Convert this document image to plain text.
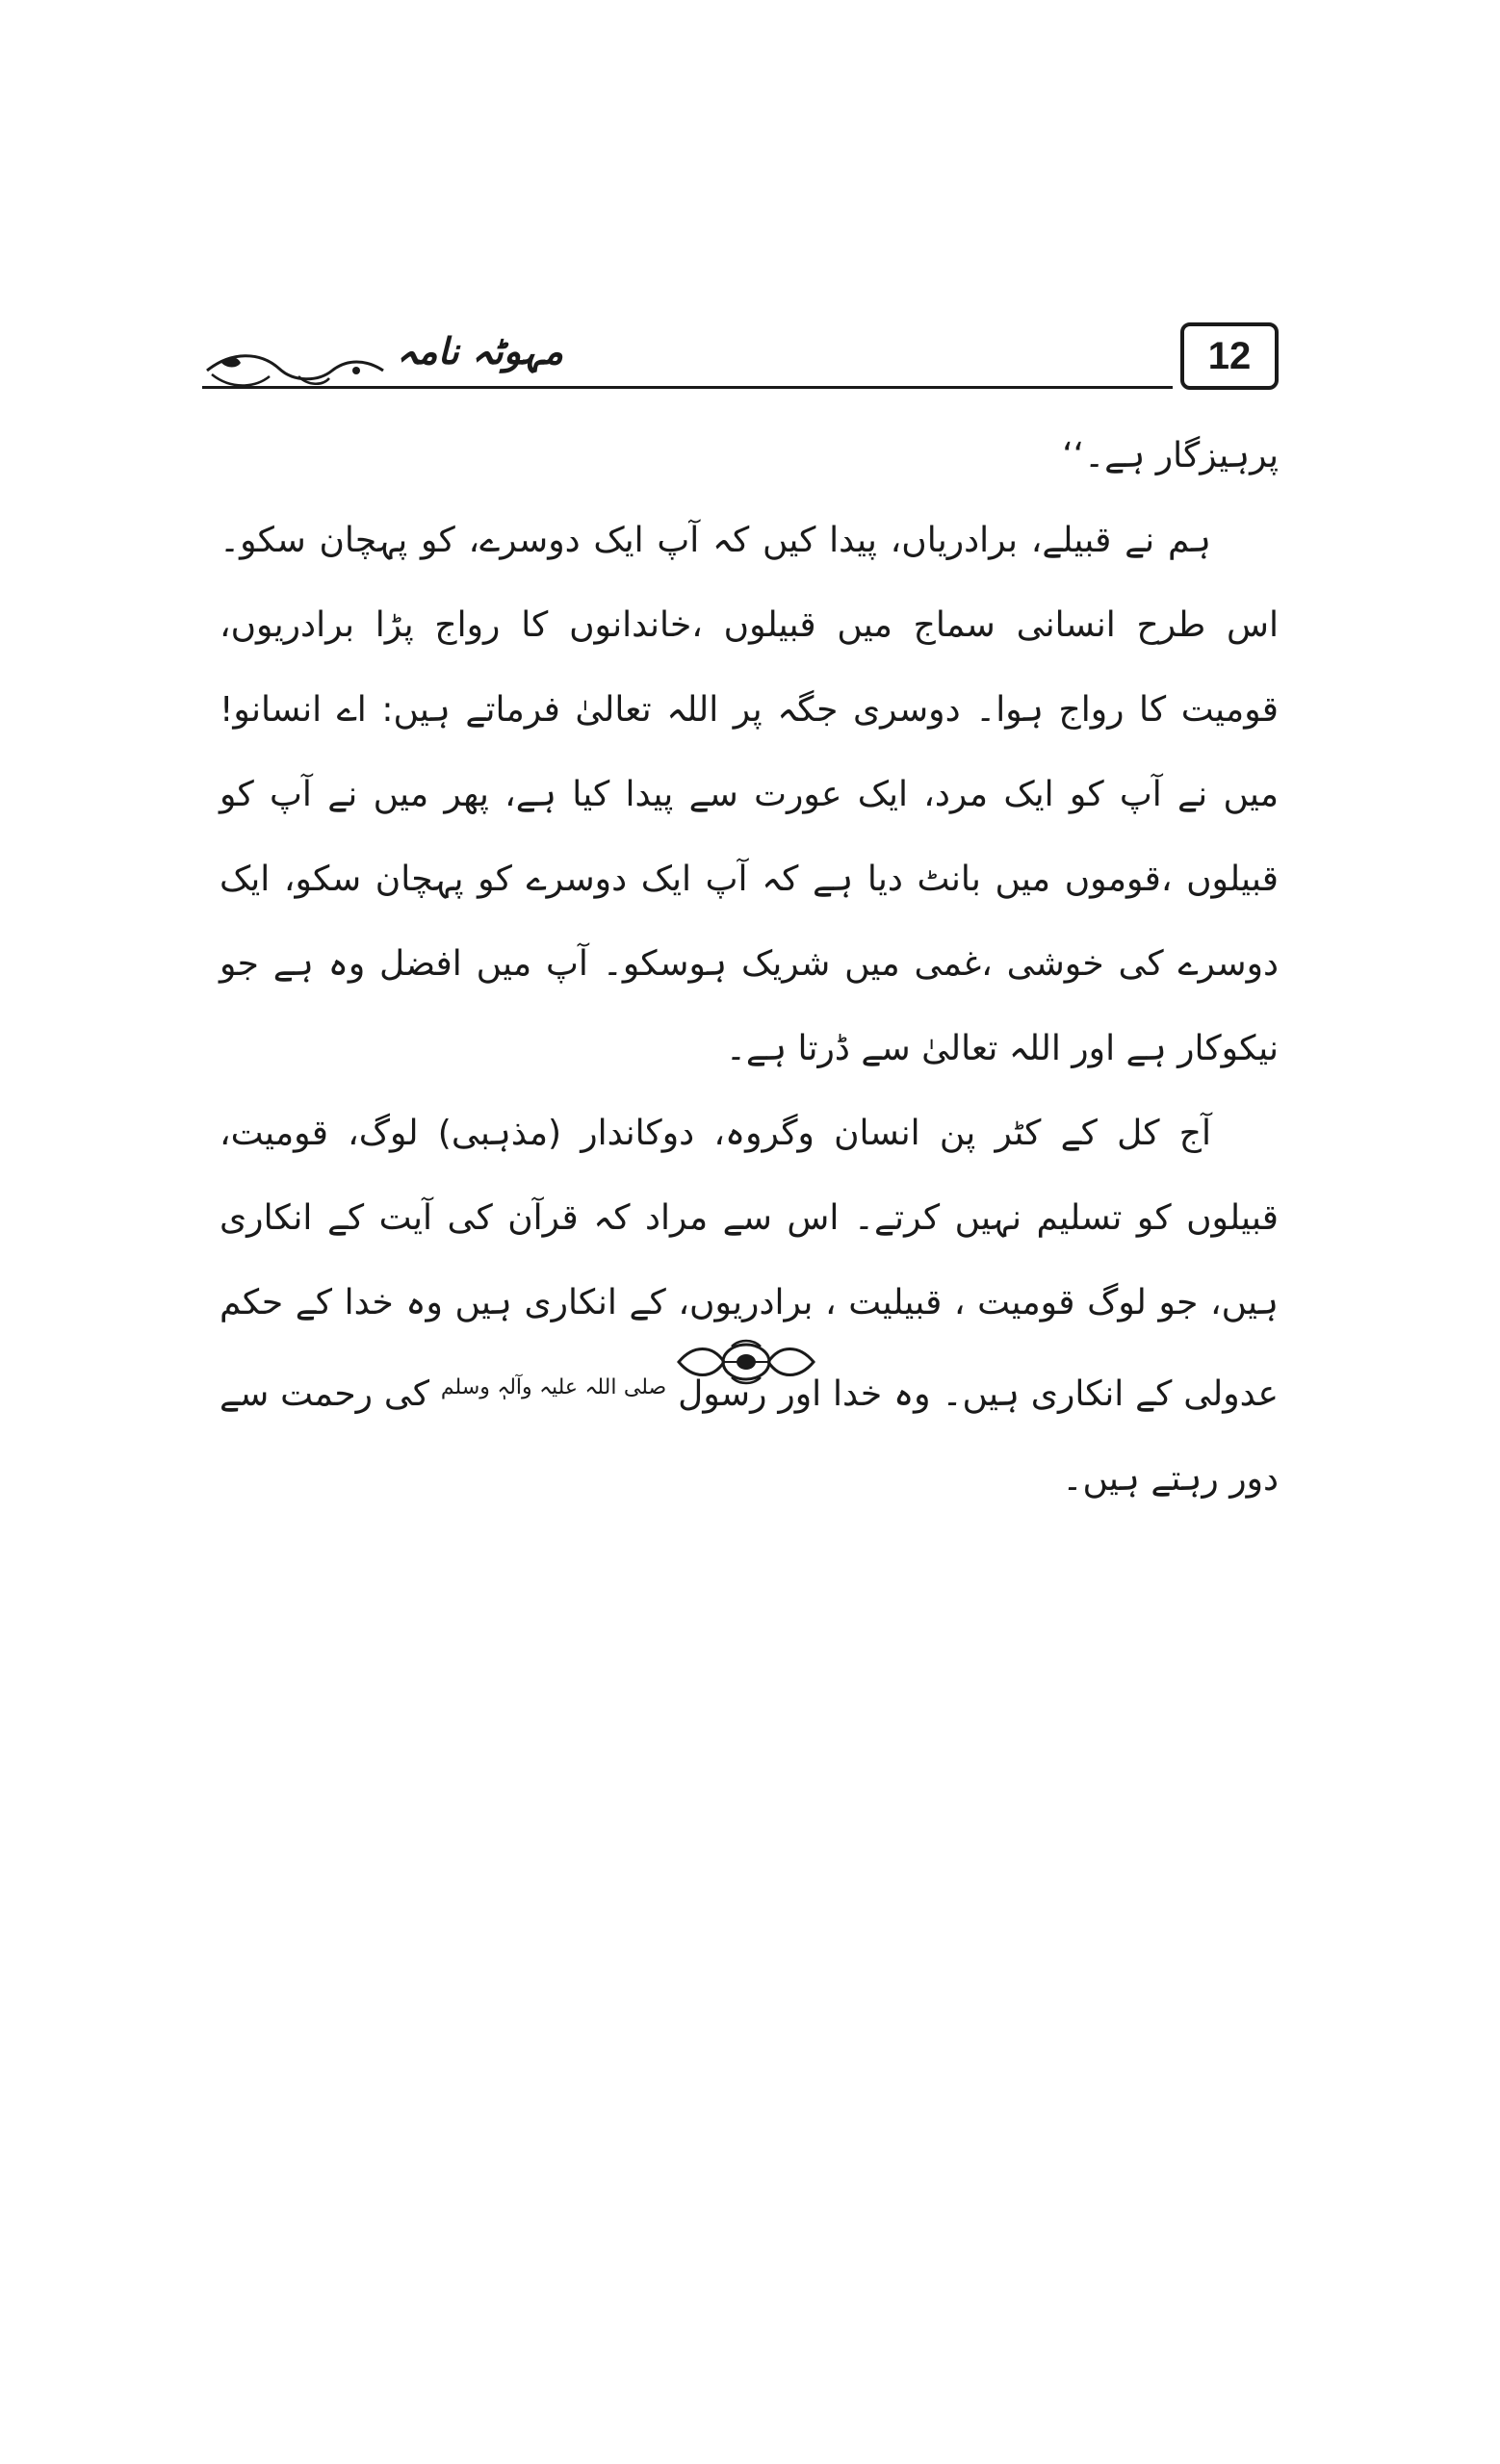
مہوٹہ نامہ	12

پرہیزگار ہے۔‘‘

ہم نے قبیلے، برادریاں، پیدا کیں کہ آپ ایک دوسرے، کو پہچان سکو۔ اس طرح انسانی سماج میں قبیلوں ،خاندانوں کا رواج پڑا برادریوں، قومیت کا رواج ہوا۔ دوسری جگہ پر اللہ تعالیٰ فرماتے ہیں: اے انسانو! میں نے آپ کو ایک مرد، ایک عورت سے پیدا کیا ہے، پھر میں نے آپ کو قبیلوں ،قوموں میں بانٹ دیا ہے کہ آپ ایک دوسرے کو پہچان سکو، ایک دوسرے کی خوشی ،غمی میں شریک ہوسکو۔ آپ میں افضل وہ ہے جو نیکوکار ہے اور اللہ تعالیٰ سے ڈرتا ہے۔

آج کل کے کٹر پن انسان وگروہ، دوکاندار (مذہبی) لوگ، قومیت، قبیلوں کو تسلیم نہیں کرتے۔ اس سے مراد کہ قرآن کی آیت کے انکاری ہیں، جو لوگ قومیت ، قبیلیت ، برادریوں، کے انکاری ہیں وہ خدا کے حکم عدولی کے انکاری ہیں۔ وہ خدا اور رسول $^{صلی اللہ علیہ وآلہٖ وسلم}$ کی رحمت سے دور رہتے ہیں۔
